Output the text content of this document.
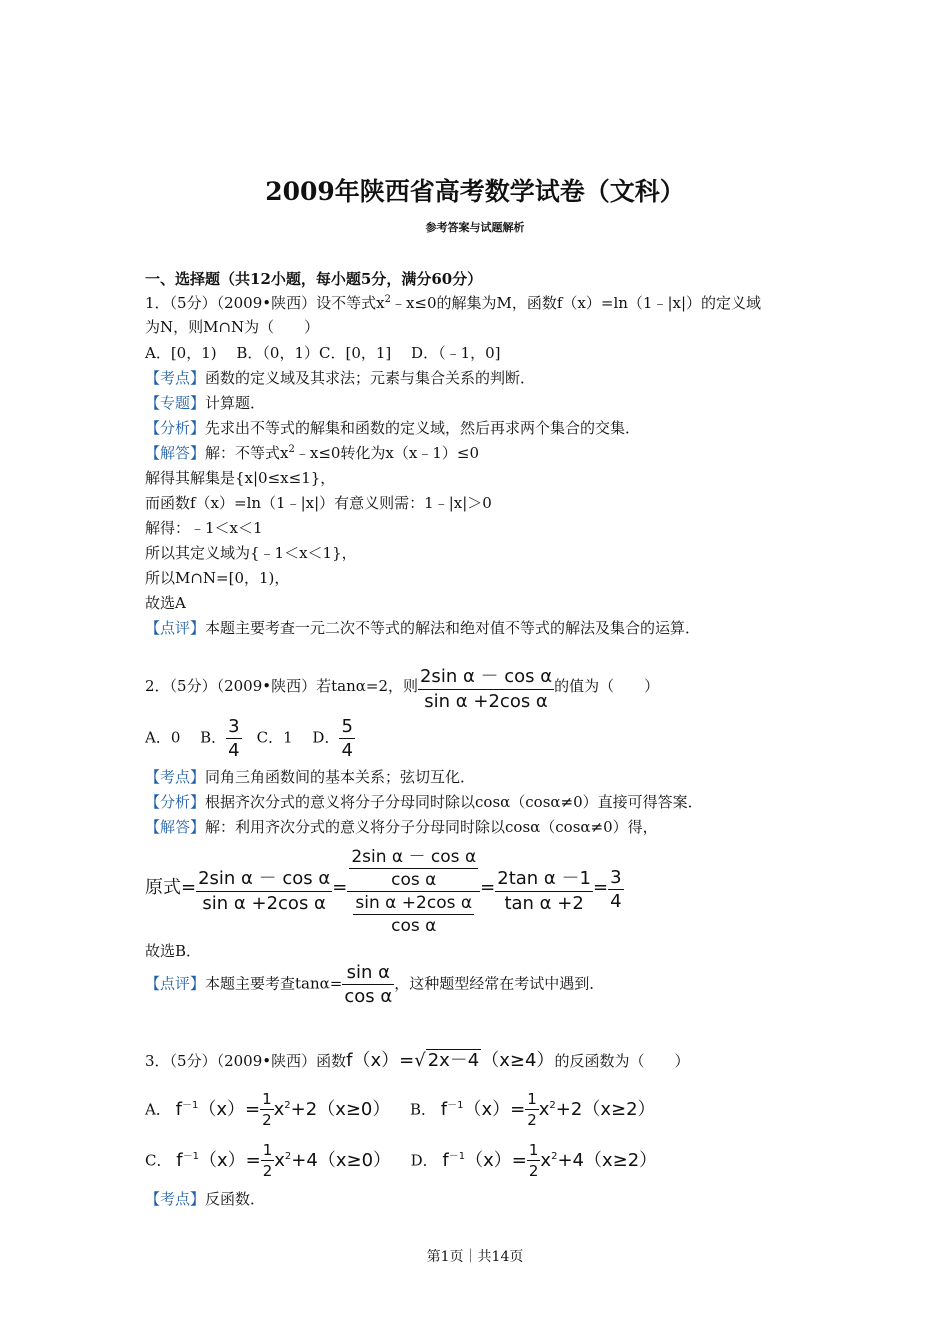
2009年陕西省高考数学试卷（文科）
参考答案与试题解析
一、选择题（共12小题，每小题5分，满分60分）
1．（5分）（2009•陕西）设不等式$x^2﹣x\le 0$的解集为M，函数f（x）=ln（1﹣|x|）的定义域
为N，则M∩N为（　　）
A．[0，1)　 B．（0，1）C．[0，1]　 D．（﹣1，0]
【考点】函数的定义域及其求法；元素与集合关系的判断．
【专题】计算题．
【分析】先求出不等式的解集和函数的定义域，然后再求两个集合的交集．
【解答】解：不等式$x^2﹣x\le 0$转化为x（x﹣1）≤0
解得其解集是{x|0≤x≤1}，
而函数f（x）=ln（1﹣|x|）有意义则需：1﹣|x|＞0
解得：﹣1＜x＜1
所以其定义域为{﹣1＜x＜1}，
所以M∩N=[0，1)，
故选A
【点评】本题主要考查一元二次不等式的解法和绝对值不等式的解法及集合的运算．
2．（5分）（2009•陕西）若tanα=2，则 $\frac{\text{2sin α － cos α}}{\text{sin α +2cos α}}$ 的值为（　　）
A．0　 B． $\frac{3}{4}$ 　C．1　 D． $\frac{5}{4}$
【考点】同角三角函数间的基本关系；弦切互化．
【分析】根据齐次分式的意义将分子分母同时除以cosα（cosα≠0）直接可得答案．
【解答】解：利用齐次分式的意义将分子分母同时除以cosα（cosα≠0）得，
原式= $\frac{\text{2sin α － cos α}}{\text{sin α +2cos α}} = \frac{\frac{\text{2sin α － cos α}}{\text{cos α}}}{\frac{\text{sin α +2cos α}}{\text{cos α}}} = \frac{\text{2tan α －1}}{\text{tan α +2}} = \frac{3}{4}$
故选B．
【点评】本题主要考查$\tan\alpha= \frac{\text{sin α}}{\text{cos α}}$ ，这种题型经常在考试中遇到．
3．（5分）（2009•陕西）函数f（x）=√ 2x－4 （x≥4）的反函数为（　　）
A． $f^{-1}(x)= \frac{1}{2} x^2+2(x\ge 0)$ B． $f^{-1}(x)= \frac{1}{2} x^2+2(x\ge 2)$
C． $f^{-1}(x)= \frac{1}{2} x^2+4(x\ge 0)$ D． $f^{-1}(x)= \frac{1}{2} x^2+4(x\ge 2)$
【考点】反函数．
第1页｜共14页
